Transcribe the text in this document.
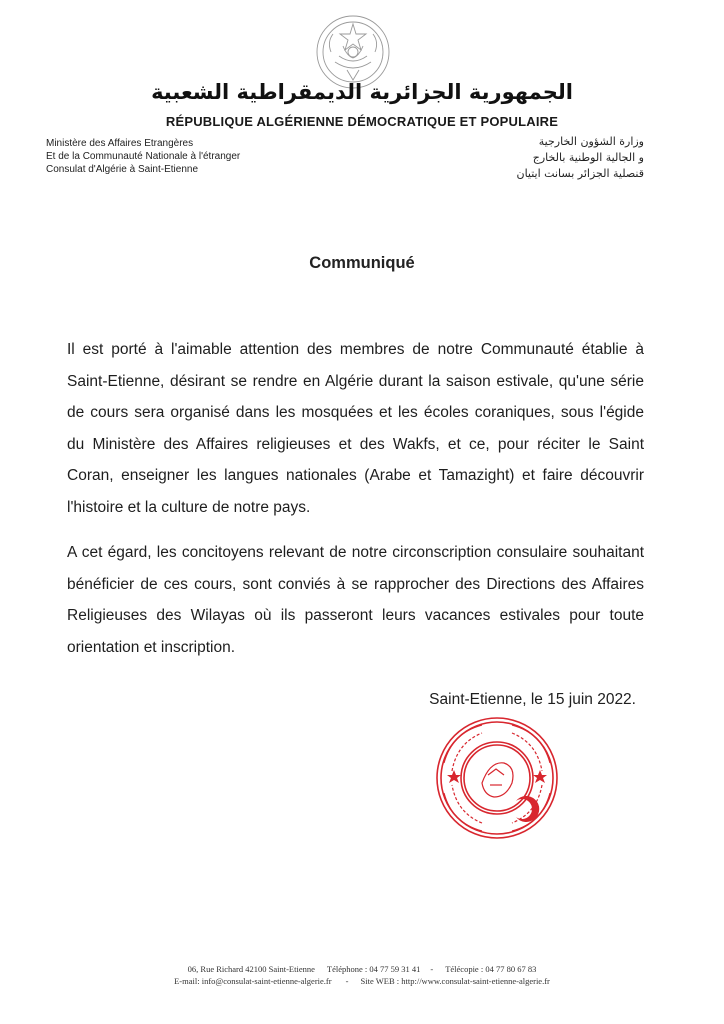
الجمهورية الجزائرية الديمقراطية الشعبية
RÉPUBLIQUE ALGÉRIENNE DÉMOCRATIQUE ET POPULAIRE
Ministère des Affaires Etrangères
Et de la Communauté Nationale à l'étranger
Consulat d'Algérie à Saint-Etienne
وزارة الشؤون الخارجية
و الجالية الوطنية بالخارج
قنصلية الجزائر بسانت ايتيان
Communiqué

Il est porté à l'aimable attention des membres de notre Communauté établie à Saint-Etienne, désirant se rendre en Algérie durant la saison estivale, qu'une série de cours sera organisé dans les mosquées et les écoles coraniques, sous l'égide du Ministère des Affaires religieuses et des Wakfs, et ce, pour réciter le Saint Coran, enseigner les langues nationales (Arabe et Tamazight) et faire découvrir l'histoire et la culture de notre pays.

A cet égard, les concitoyens relevant de notre circonscription consulaire souhaitant bénéficier de ces cours, sont conviés à se rapprocher des Directions des Affaires Religieuses des Wilayas où ils passeront leurs vacances estivales pour toute orientation et inscription.

Saint-Etienne, le 15 juin 2022.
06, Rue Richard 42100 Saint-Etienne Téléphone : 04 77 59 31 41 - Télécopie : 04 77 80 67 83
E-mail: info@consulat-saint-etienne-algerie.fr - Site WEB : http://www.consulat-saint-etienne-algerie.fr
